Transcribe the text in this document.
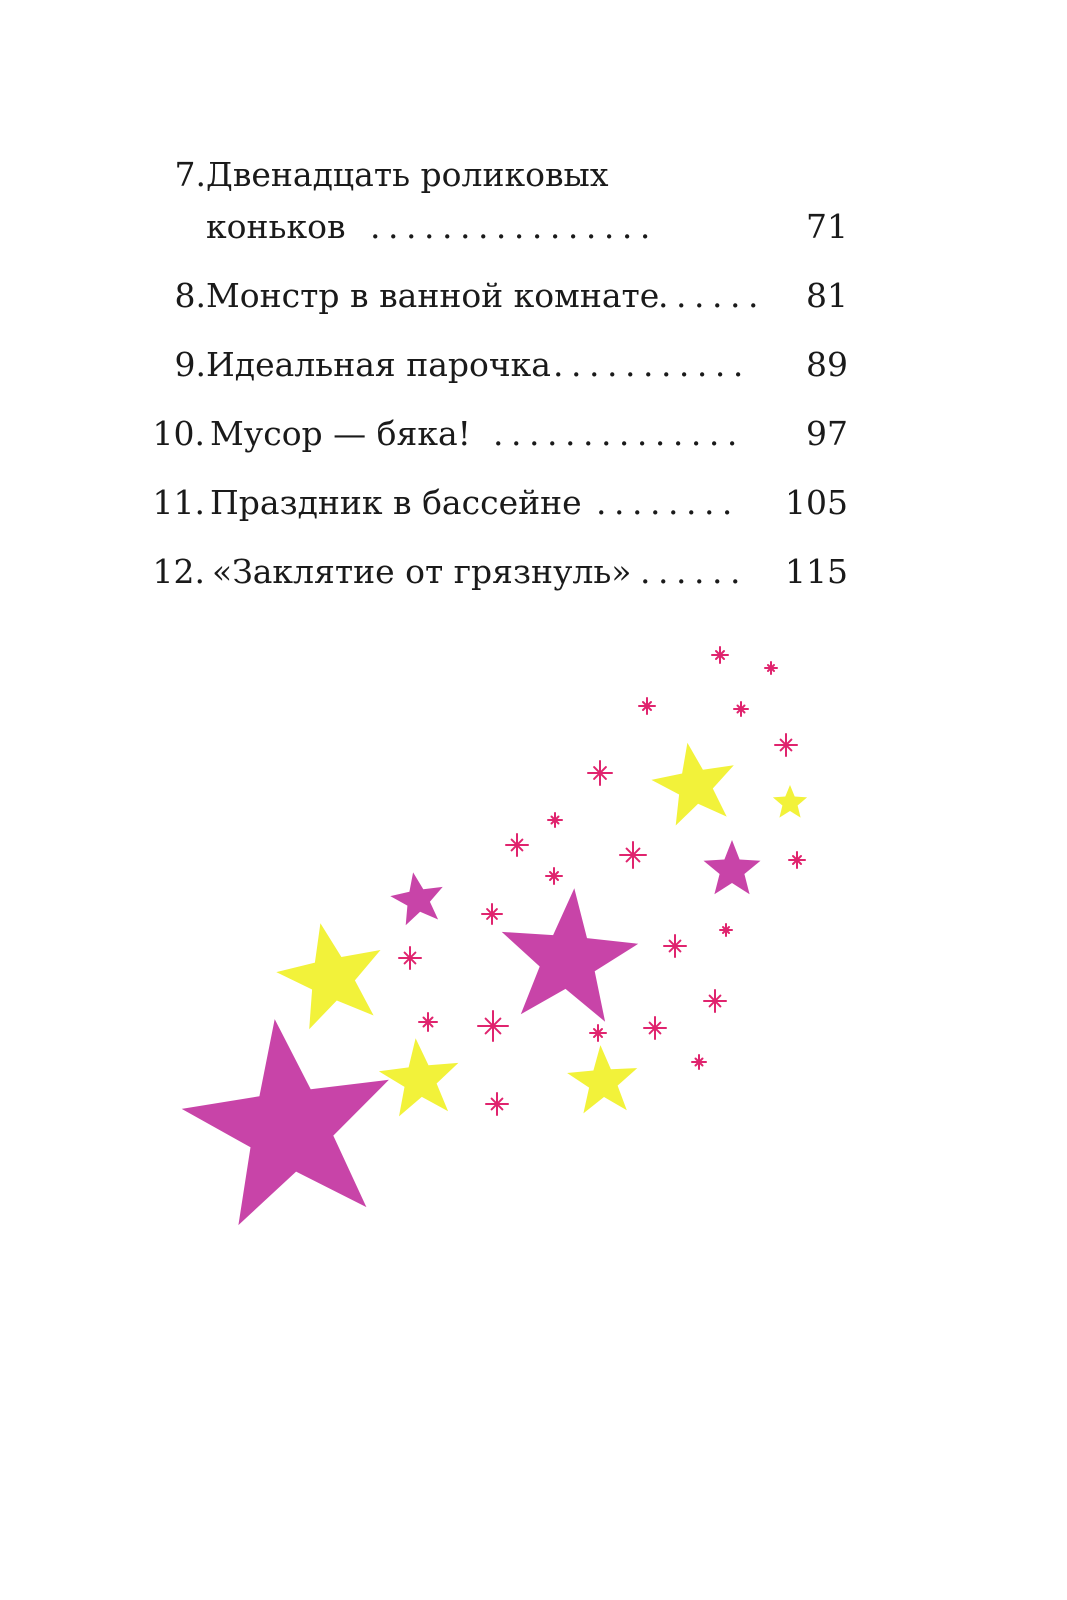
7. Двенадцать роликовых
коньков ................	71
8. Монстр в ванной комнате
...... 81
9. Идеальная парочка ........... 89
10. Мусор — бяка! .............. 97
11. Праздник в бассейне ........ 105
12. «Заклятие от грязнуль» ...... 115
